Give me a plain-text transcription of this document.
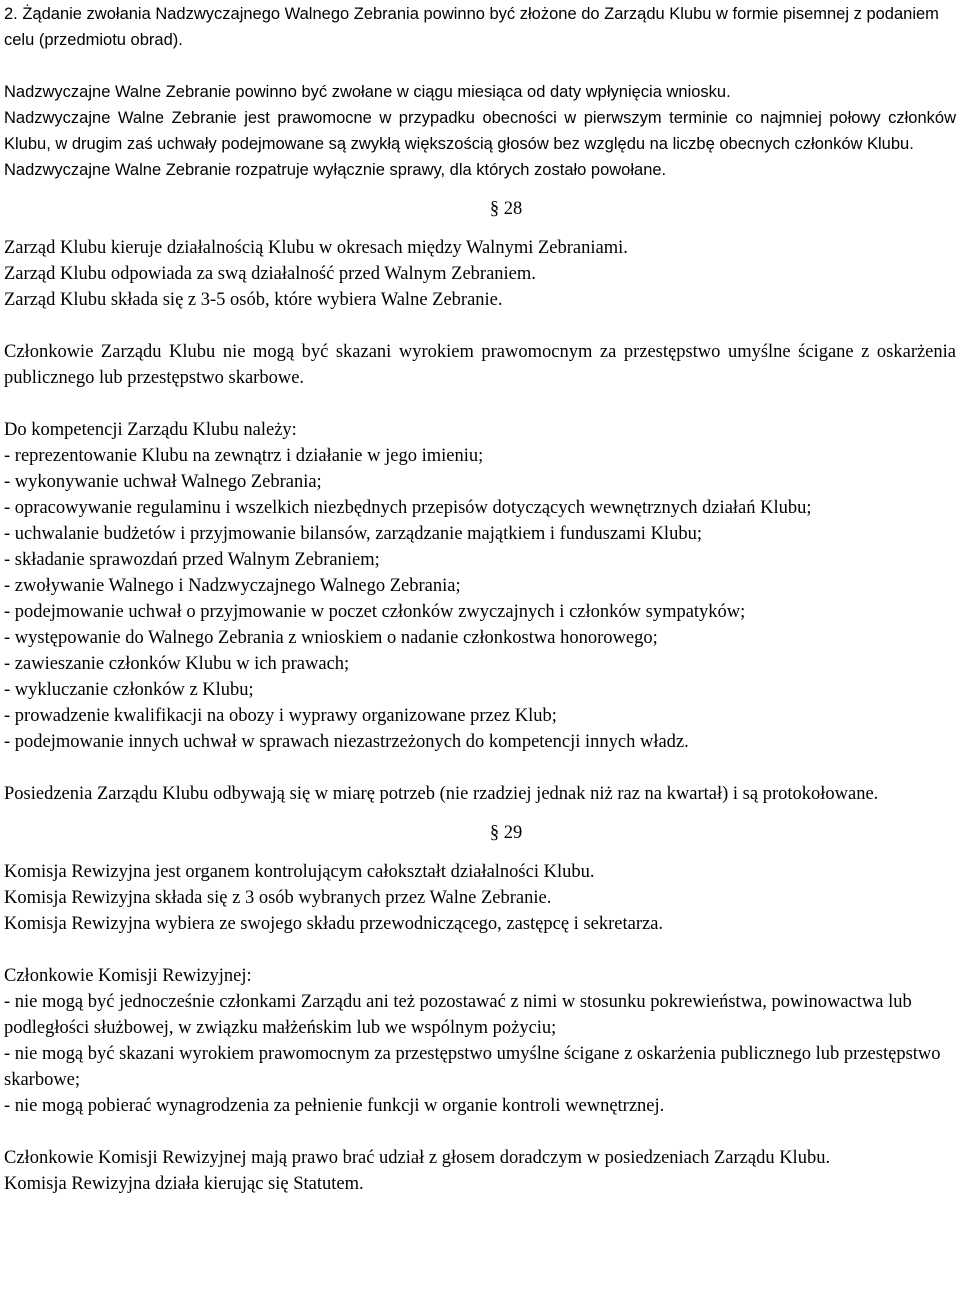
2. Żądanie zwołania Nadzwyczajnego Walnego Zebrania powinno być złożone do Zarządu Klubu w formie pisemnej z podaniem celu (przedmiotu obrad).

Nadzwyczajne Walne Zebranie powinno być zwołane w ciągu miesiąca od daty wpłynięcia wniosku.

Nadzwyczajne Walne Zebranie jest prawomocne w przypadku obecności w pierwszym terminie co najmniej połowy członków Klubu, w drugim zaś uchwały podejmowane są zwykłą większością głosów bez względu na liczbę obecnych członków Klubu.

Nadzwyczajne Walne Zebranie rozpatruje wyłącznie sprawy, dla których zostało powołane.

§ 28

Zarząd Klubu kieruje działalnością Klubu w okresach między Walnymi Zebraniami.

Zarząd Klubu odpowiada za swą działalność przed Walnym Zebraniem.

Zarząd Klubu składa się z 3-5 osób, które wybiera Walne Zebranie.

Członkowie Zarządu Klubu nie mogą być skazani wyrokiem prawomocnym za przestępstwo umyślne ścigane z oskarżenia publicznego lub przestępstwo skarbowe.

Do kompetencji Zarządu Klubu należy:

- reprezentowanie Klubu na zewnątrz i działanie w jego imieniu;
- wykonywanie uchwał Walnego Zebrania;
- opracowywanie regulaminu i wszelkich niezbędnych przepisów dotyczących wewnętrznych działań Klubu;
- uchwalanie budżetów i przyjmowanie bilansów, zarządzanie majątkiem i funduszami Klubu;
- składanie sprawozdań przed Walnym Zebraniem;
- zwoływanie Walnego i Nadzwyczajnego Walnego Zebrania;
- podejmowanie uchwał o przyjmowanie w poczet członków zwyczajnych i członków sympatyków;
- występowanie do Walnego Zebrania z wnioskiem o nadanie członkostwa honorowego;
- zawieszanie członków Klubu w ich prawach;
- wykluczanie członków z Klubu;
- prowadzenie kwalifikacji na obozy i wyprawy organizowane przez Klub;
- podejmowanie innych uchwał w sprawach niezastrzeżonych do kompetencji innych władz.

Posiedzenia Zarządu Klubu odbywają się w miarę potrzeb (nie rzadziej jednak niż raz na kwartał) i są protokołowane.

§ 29

Komisja Rewizyjna jest organem kontrolującym całokształt działalności Klubu.

Komisja Rewizyjna składa się z 3 osób wybranych przez Walne Zebranie.

Komisja Rewizyjna wybiera ze swojego składu przewodniczącego, zastępcę i sekretarza.

Członkowie Komisji Rewizyjnej:

- nie mogą być jednocześnie członkami Zarządu ani też pozostawać z nimi w stosunku pokrewieństwa, powinowactwa lub podległości służbowej, w związku małżeńskim lub we wspólnym pożyciu;
- nie mogą być skazani wyrokiem prawomocnym za przestępstwo umyślne ścigane z oskarżenia publicznego lub przestępstwo skarbowe;
- nie mogą pobierać wynagrodzenia za pełnienie funkcji w organie kontroli wewnętrznej.

Członkowie Komisji Rewizyjnej mają prawo brać udział z głosem doradczym w posiedzeniach Zarządu Klubu.

Komisja Rewizyjna działa kierując się Statutem.
